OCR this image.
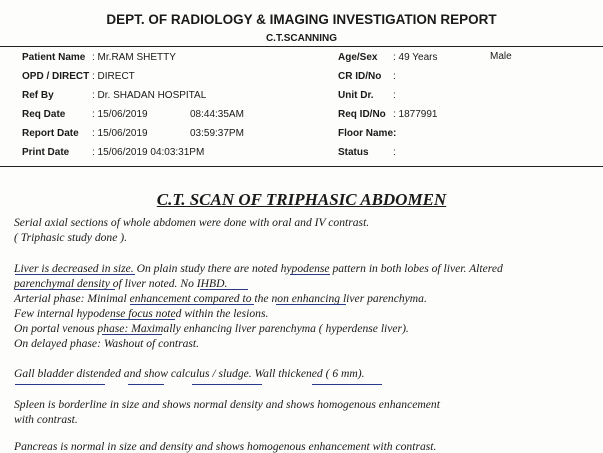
DEPT. OF RADIOLOGY & IMAGING INVESTIGATION REPORT
C.T.SCANNING
Patient Name : Mr.RAM SHETTY	Age/Sex : 49 Years	Male
OPD / DIRECT : DIRECT	CR ID/No :
Ref By	: Dr. SHADAN HOSPITAL	Unit Dr. :
Req Date	: 15/06/2019	08:44:35AM	Req ID/No : 1877991
Report Date : 15/06/2019	03:59:37PM	Floor Name:
Print Date : 15/06/2019 04:03:31PM	Status :
C.T. SCAN OF TRIPHASIC ABDOMEN
Serial axial sections of whole abdomen were done with oral and IV contrast.
( Triphasic study done ).
Liver is decreased in size. On plain study there are noted hypodense pattern in both lobes of liver. Altered
parenchymal density of liver noted. No IHBD.
Arterial phase: Minimal enhancement compared to the non enhancing liver parenchyma.
Few internal hypodense focus noted within the lesions.
On portal venous phase: Maximally enhancing liver parenchyma ( hyperdense liver).
On delayed phase: Washout of contrast.
Gall bladder distended and show calculus / sludge. Wall thickened ( 6 mm).
Spleen is borderline in size and shows normal density and shows homogenous enhancement
with contrast.
Pancreas is normal in size and density and shows homogenous enhancement with contrast.
